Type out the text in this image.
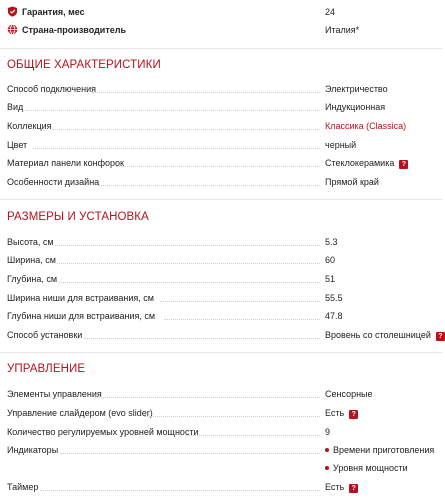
Гарантия, мес	24
Страна-производитель	Италия*
ОБЩИЕ ХАРАКТЕРИСТИКИ
Способ подключения	Электричество
Вид	Индукционная
Коллекция	Классика (Classica)
Цвет	черный
Материал панели конфорок	Стеклокерамика ?
Особенности дизайна	Прямой край
РАЗМЕРЫ И УСТАНОВКА
Высота, см	5.3
Ширина, см	60
Глубина, см	51
Ширина ниши для встраивания, см	55.5
Глубина ниши для встраивания, см	47.8
Способ установки	Вровень со столешницей ?
УПРАВЛЕНИЕ
Элементы управления	Сенсорные
Управление слайдером (evo slider)	Есть ?
Количество регулируемых уровней мощности	9
Индикаторы	Времени приготовления
Уровня мощности
Таймер	Есть ?
